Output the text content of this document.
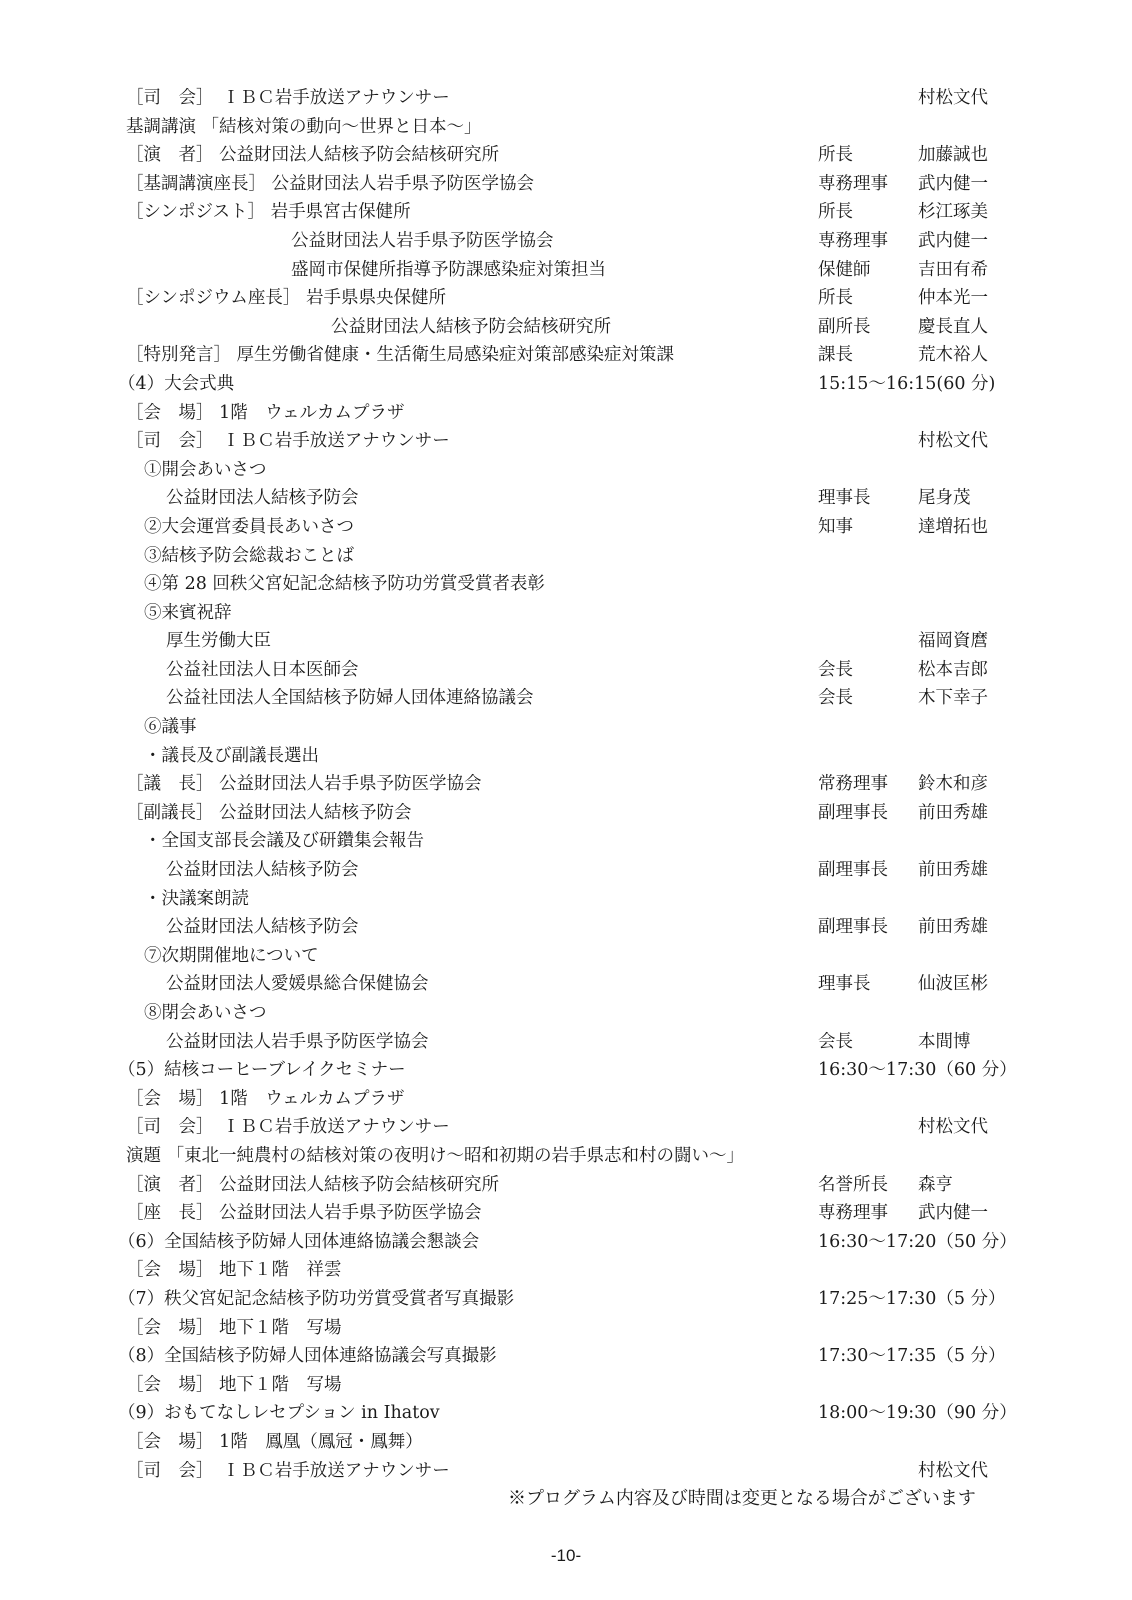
［司　会］　ＩＢＣ岩手放送アナウンサー	村松文代
基調講演 「結核対策の動向～世界と日本～」
［演　者］ 公益財団法人結核予防会結核研究所	所長	加藤誠也
［基調講演座長］ 公益財団法人岩手県予防医学協会	専務理事 武内健一
［シンポジスト］ 岩手県宮古保健所	所長	杉江琢美
公益財団法人岩手県予防医学協会	専務理事 武内健一
盛岡市保健所指導予防課感染症対策担当	保健師	吉田有希
［シンポジウム座長］ 岩手県県央保健所	所長	仲本光一
公益財団法人結核予防会結核研究所	副所長	慶長直人
［特別発言］ 厚生労働省健康・生活衛生局感染症対策部感染症対策課	課長	荒木裕人
（4）大会式典	15:15～16:15(60 分)
［会　場］ 1階　ウェルカムプラザ
［司　会］　ＩＢＣ岩手放送アナウンサー	村松文代
①開会あいさつ
公益財団法人結核予防会	理事長	尾身茂
②大会運営委員長あいさつ	知事	達増拓也
③結核予防会総裁おことば
④第 28 回秩父宮妃記念結核予防功労賞受賞者表彰
⑤来賓祝辞
厚生労働大臣	福岡資麿
公益社団法人日本医師会	会長	松本吉郎
公益社団法人全国結核予防婦人団体連絡協議会	会長	木下幸子
⑥議事
・議長及び副議長選出
［議　長］ 公益財団法人岩手県予防医学協会	常務理事 鈴木和彦
［副議長］ 公益財団法人結核予防会	副理事長 前田秀雄
・全国支部長会議及び研鑽集会報告
公益財団法人結核予防会	副理事長 前田秀雄
・決議案朗読
公益財団法人結核予防会	副理事長 前田秀雄
⑦次期開催地について
公益財団法人愛媛県総合保健協会	理事長	仙波匡彬
⑧閉会あいさつ
公益財団法人岩手県予防医学協会	会長	本間博
（5）結核コーヒーブレイクセミナー	16:30～17:30（60 分）
［会　場］ 1階　ウェルカムプラザ
［司　会］　ＩＢＣ岩手放送アナウンサー	村松文代
演題 「東北一純農村の結核対策の夜明け～昭和初期の岩手県志和村の闘い～」
［演　者］ 公益財団法人結核予防会結核研究所	名誉所長 森亨
［座　長］ 公益財団法人岩手県予防医学協会	専務理事 武内健一
（6）全国結核予防婦人団体連絡協議会懇談会	16:30～17:20（50 分）
［会　場］ 地下１階　祥雲
（7）秩父宮妃記念結核予防功労賞受賞者写真撮影	17:25～17:30（5 分）
［会　場］ 地下１階　写場
（8）全国結核予防婦人団体連絡協議会写真撮影	17:30～17:35（5 分）
［会　場］ 地下１階　写場
（9）おもてなしレセプション in Ihatov	18:00～19:30（90 分）
［会　場］ 1階　鳳凰（鳳冠・鳳舞）
［司　会］　ＩＢＣ岩手放送アナウンサー	村松文代
※プログラム内容及び時間は変更となる場合がございます
-10-
